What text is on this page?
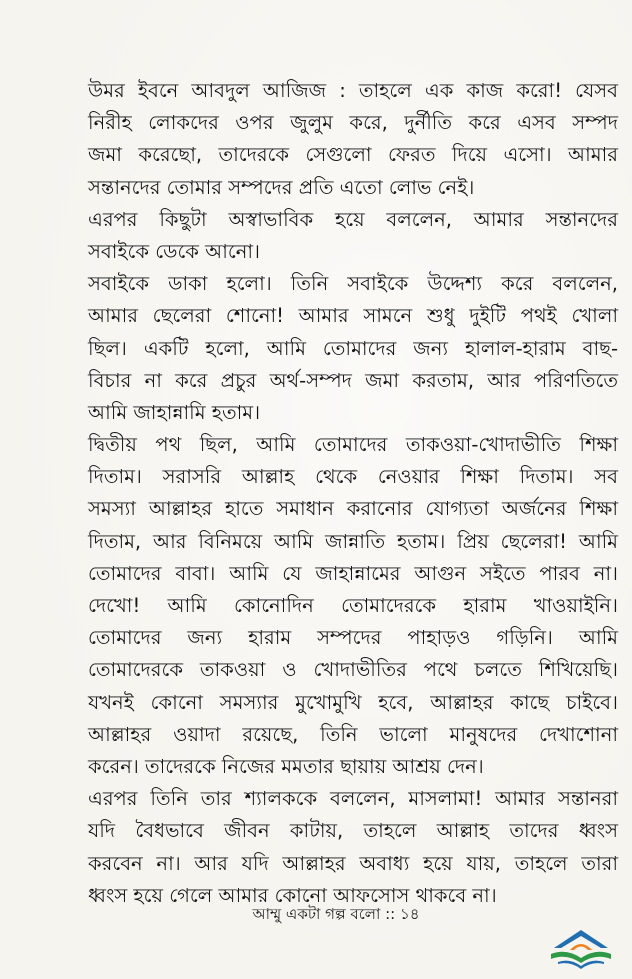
উমর ইবনে আবদুল আজিজ : তাহলে এক কাজ করো! যেসব
নিরীহ লোকদের ওপর জুলুম করে, দুর্নীতি করে এসব সম্পদ
জমা করেছো, তাদেরকে সেগুলো ফেরত দিয়ে এসো। আমার
সন্তানদের তোমার সম্পদের প্রতি এতো লোভ নেই।
এরপর কিছুটা অস্বাভাবিক হয়ে বললেন, আমার সন্তানদের
সবাইকে ডেকে আনো।
সবাইকে ডাকা হলো। তিনি সবাইকে উদ্দেশ্য করে বললেন,
আমার ছেলেরা শোনো! আমার সামনে শুধু দুইটি পথই খোলা
ছিল। একটি হলো, আমি তোমাদের জন্য হালাল-হারাম বাছ-
বিচার না করে প্রচুর অর্থ-সম্পদ জমা করতাম, আর পরিণতিতে
আমি জাহান্নামি হতাম।
দ্বিতীয় পথ ছিল, আমি তোমাদের তাকওয়া-খোদাভীতি শিক্ষা
দিতাম। সরাসরি আল্লাহ থেকে নেওয়ার শিক্ষা দিতাম। সব
সমস্যা আল্লাহর হাতে সমাধান করানোর যোগ্যতা অর্জনের শিক্ষা
দিতাম, আর বিনিময়ে আমি জান্নাতি হতাম। প্রিয় ছেলেরা! আমি
তোমাদের বাবা। আমি যে জাহান্নামের আগুন সইতে পারব না।
দেখো! আমি কোনোদিন তোমাদেরকে হারাম খাওয়াইনি।
তোমাদের জন্য হারাম সম্পদের পাহাড়ও গড়িনি। আমি
তোমাদেরকে তাকওয়া ও খোদাভীতির পথে চলতে শিখিয়েছি।
যখনই কোনো সমস্যার মুখোমুখি হবে, আল্লাহর কাছে চাইবে।
আল্লাহর ওয়াদা রয়েছে, তিনি ভালো মানুষদের দেখাশোনা
করেন। তাদেরকে নিজের মমতার ছায়ায় আশ্রয় দেন।
এরপর তিনি তার শ্যালককে বললেন, মাসলামা! আমার সন্তানরা
যদি বৈধভাবে জীবন কাটায়, তাহলে আল্লাহ তাদের ধ্বংস
করবেন না। আর যদি আল্লাহর অবাধ্য হয়ে যায়, তাহলে তারা
ধ্বংস হয়ে গেলে আমার কোনো আফসোস থাকবে না।
আম্মু একটা গল্প বলো :: ১৪
